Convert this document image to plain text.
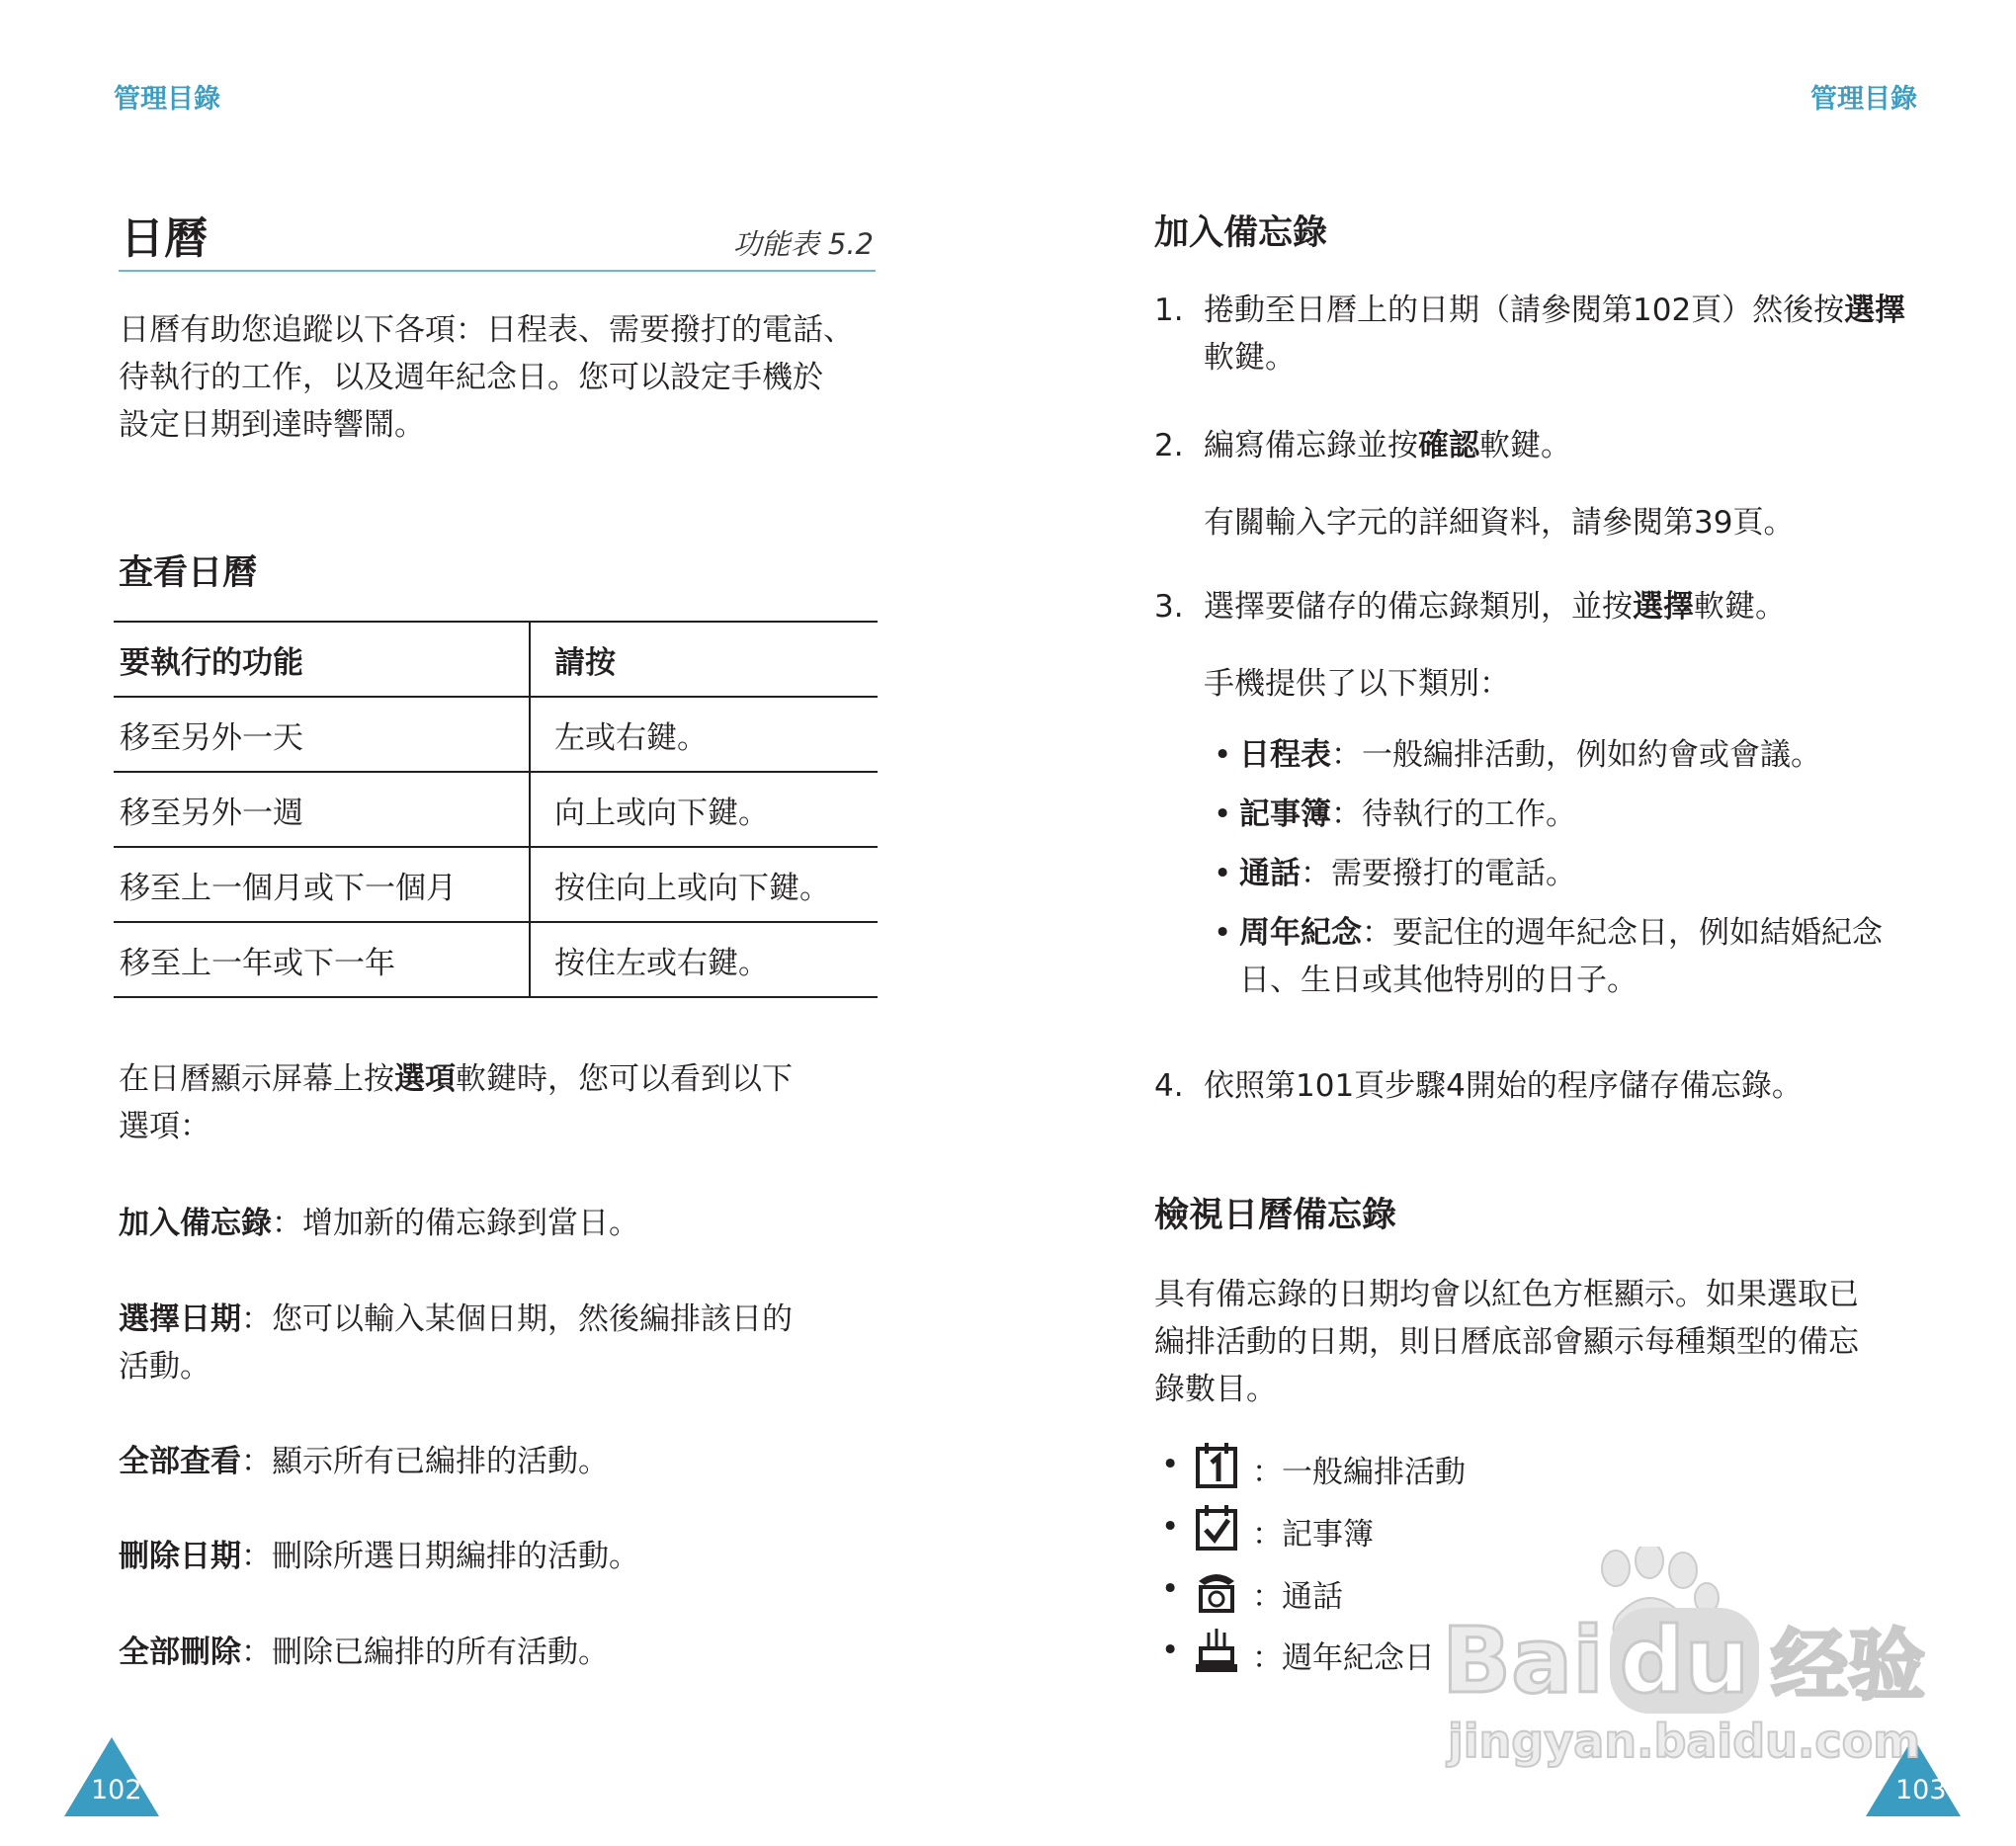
管理目錄
日曆	功能表 5.2

日曆有助您追蹤以下各項：日程表、需要撥打的電話、
待執行的工作，以及週年紀念日。您可以設定手機於
設定日期到達時響鬧。

查看日曆
要執行的功能	請按
移至另外一天	左或右鍵。
移至另外一週	向上或向下鍵。
移至上一個月或下一個月	按住向上或向下鍵。
移至上一年或下一年	按住左或右鍵。

在日曆顯示屏幕上按選項軟鍵時，您可以看到以下
選項：

加入備忘錄：增加新的備忘錄到當日。

選擇日期：您可以輸入某個日期，然後編排該日的
活動。

全部查看：顯示所有已編排的活動。

刪除日期：刪除所選日期編排的活動。

全部刪除：刪除已編排的所有活動。

102
管理目錄
加入備忘錄
1. 捲動至日曆上的日期（請參閱第102頁）然後按選擇
軟鍵。
2. 編寫備忘錄並按確認軟鍵。
有關輸入字元的詳細資料，請參閱第39頁。
3. 選擇要儲存的備忘錄類別，並按選擇軟鍵。
手機提供了以下類別：
• 日程表：一般編排活動，例如約會或會議。
• 記事簿：待執行的工作。
• 通話：需要撥打的電話。
• 周年紀念：要記住的週年紀念日，例如結婚紀念
日、生日或其他特別的日子。
4. 依照第101頁步驟4開始的程序儲存備忘錄。
檢視日曆備忘錄

具有備忘錄的日期均會以紅色方框顯示。如果選取已
編排活動的日期，則日曆底部會顯示每種類型的備忘
錄數目。

• ： 一般編排活動
• ： 記事簿
• ： 通話
• ： 週年紀念日
103
Bai du 经验
jingyan.baidu.com
